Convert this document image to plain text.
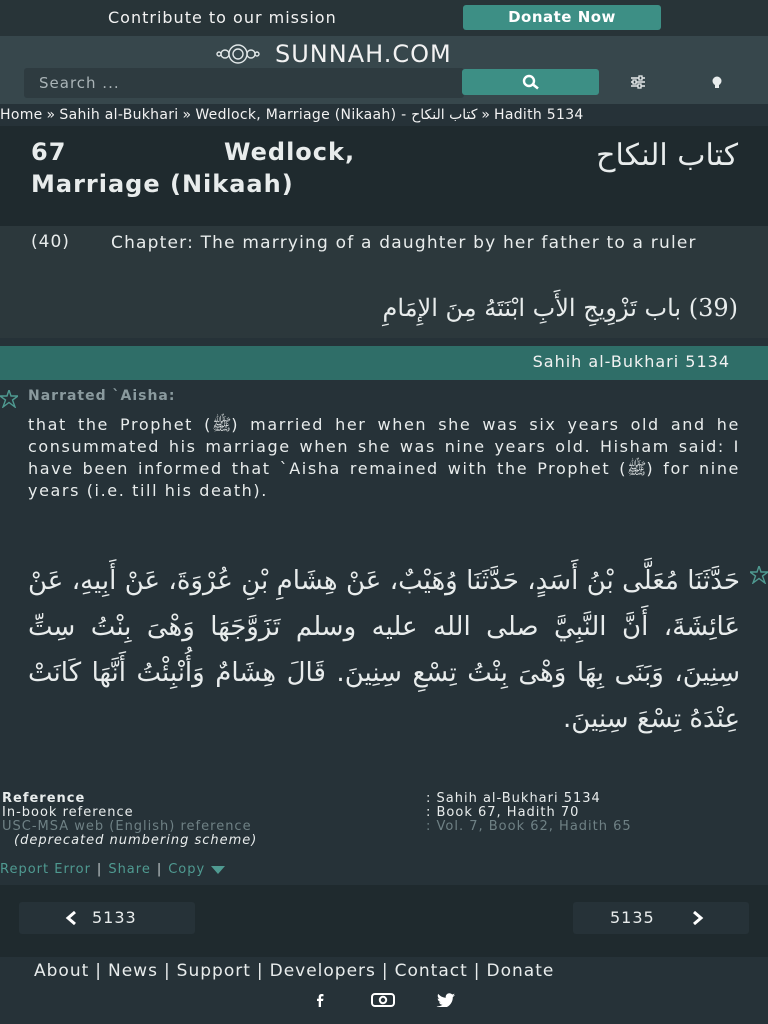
Contribute to our mission	Donate Now
SUNNAH.COM
Search ...
Home » Sahih al-Bukhari » Wedlock, Marriage (Nikaah) - كتاب النكاح » Hadith 5134
67	Wedlock,
Marriage (Nikaah)
كتاب النكاح
(40) Chapter: The marrying of a daughter by her father to a ruler
(39) باب تَزْوِيجِ الأَبِ ابْنَتَهُ مِنَ الإِمَامِ
Sahih al-Bukhari 5134
Narrated `Aisha:
that the Prophet (ﷺ) married her when she was six years old and he consummated his marriage when she was nine years old. Hisham said: I have been informed that `Aisha remained with the Prophet (ﷺ) for nine years (i.e. till his death).
حَدَّثَنَا مُعَلَّى بْنُ أَسَدٍ، حَدَّثَنَا وُهَيْبٌ، عَنْ هِشَامِ بْنِ عُرْوَةَ، عَنْ أَبِيهِ، عَنْ عَائِشَةَ، أَنَّ النَّبِيَّ صلى الله عليه وسلم تَزَوَّجَهَا وَهْىَ بِنْتُ سِتِّ سِنِينَ، وَبَنَى بِهَا وَهْىَ بِنْتُ تِسْعِ سِنِينَ‏.‏ قَالَ هِشَامٌ وَأُنْبِئْتُ أَنَّهَا كَانَتْ عِنْدَهُ تِسْعَ سِنِينَ‏.‏
Reference	: Sahih al-Bukhari 5134
In-book reference	: Book 67, Hadith 70
USC-MSA web (English) reference	: Vol. 7, Book 62, Hadith 65
(deprecated numbering scheme)
Report Error | Share | Copy
5133	5135
About | News | Support | Developers | Contact | Donate
